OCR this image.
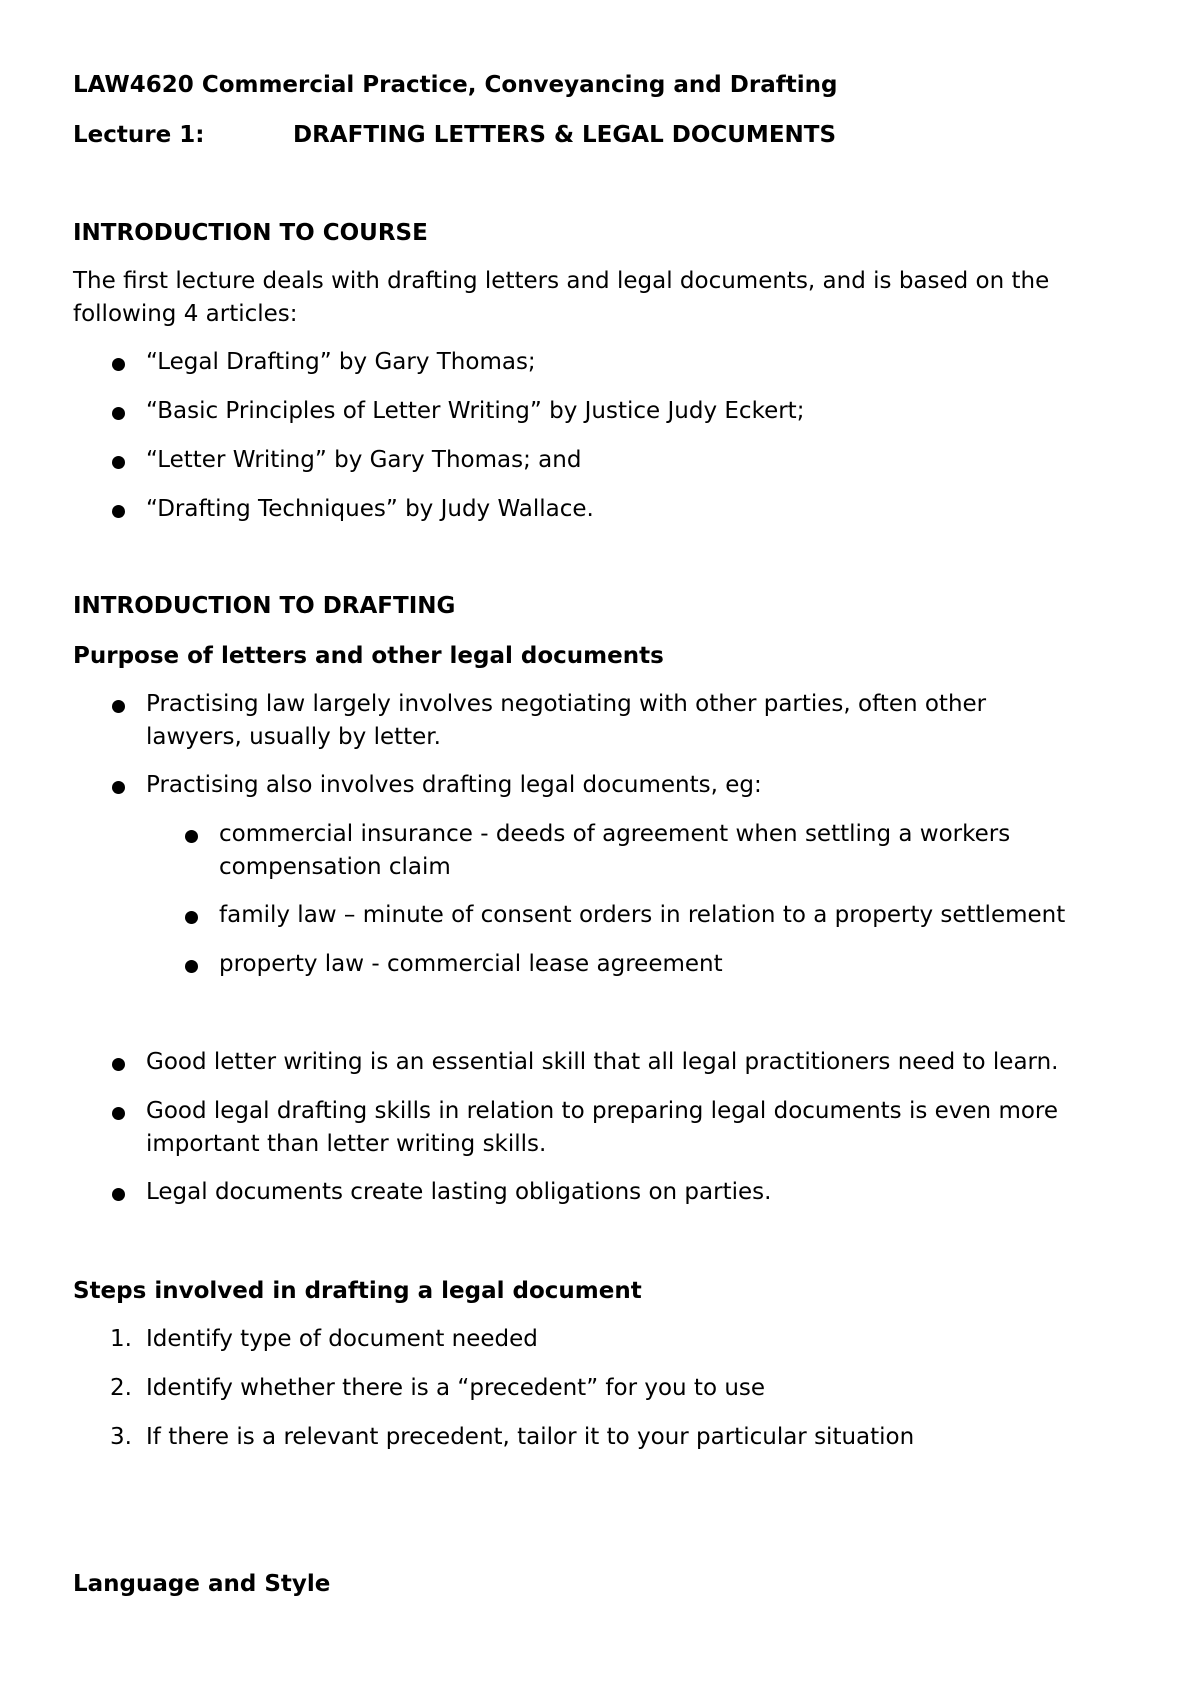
LAW4620 Commercial Practice, Conveyancing and Drafting
Lecture 1:	DRAFTING LETTERS & LEGAL DOCUMENTS
INTRODUCTION TO COURSE
The first lecture deals with drafting letters and legal documents, and is based on the
following 4 articles:
“Legal Drafting” by Gary Thomas;
“Basic Principles of Letter Writing” by Justice Judy Eckert;
“Letter Writing” by Gary Thomas; and
“Drafting Techniques” by Judy Wallace.
INTRODUCTION TO DRAFTING
Purpose of letters and other legal documents
Practising law largely involves negotiating with other parties, often other
lawyers, usually by letter.
Practising also involves drafting legal documents, eg:
commercial insurance - deeds of agreement when settling a workers
compensation claim
family law – minute of consent orders in relation to a property settlement
property law - commercial lease agreement
Good letter writing is an essential skill that all legal practitioners need to learn.
Good legal drafting skills in relation to preparing legal documents is even more
important than letter writing skills.
Legal documents create lasting obligations on parties.
Steps involved in drafting a legal document
1. Identify type of document needed
2. Identify whether there is a “precedent” for you to use
3. If there is a relevant precedent, tailor it to your particular situation
Language and Style
